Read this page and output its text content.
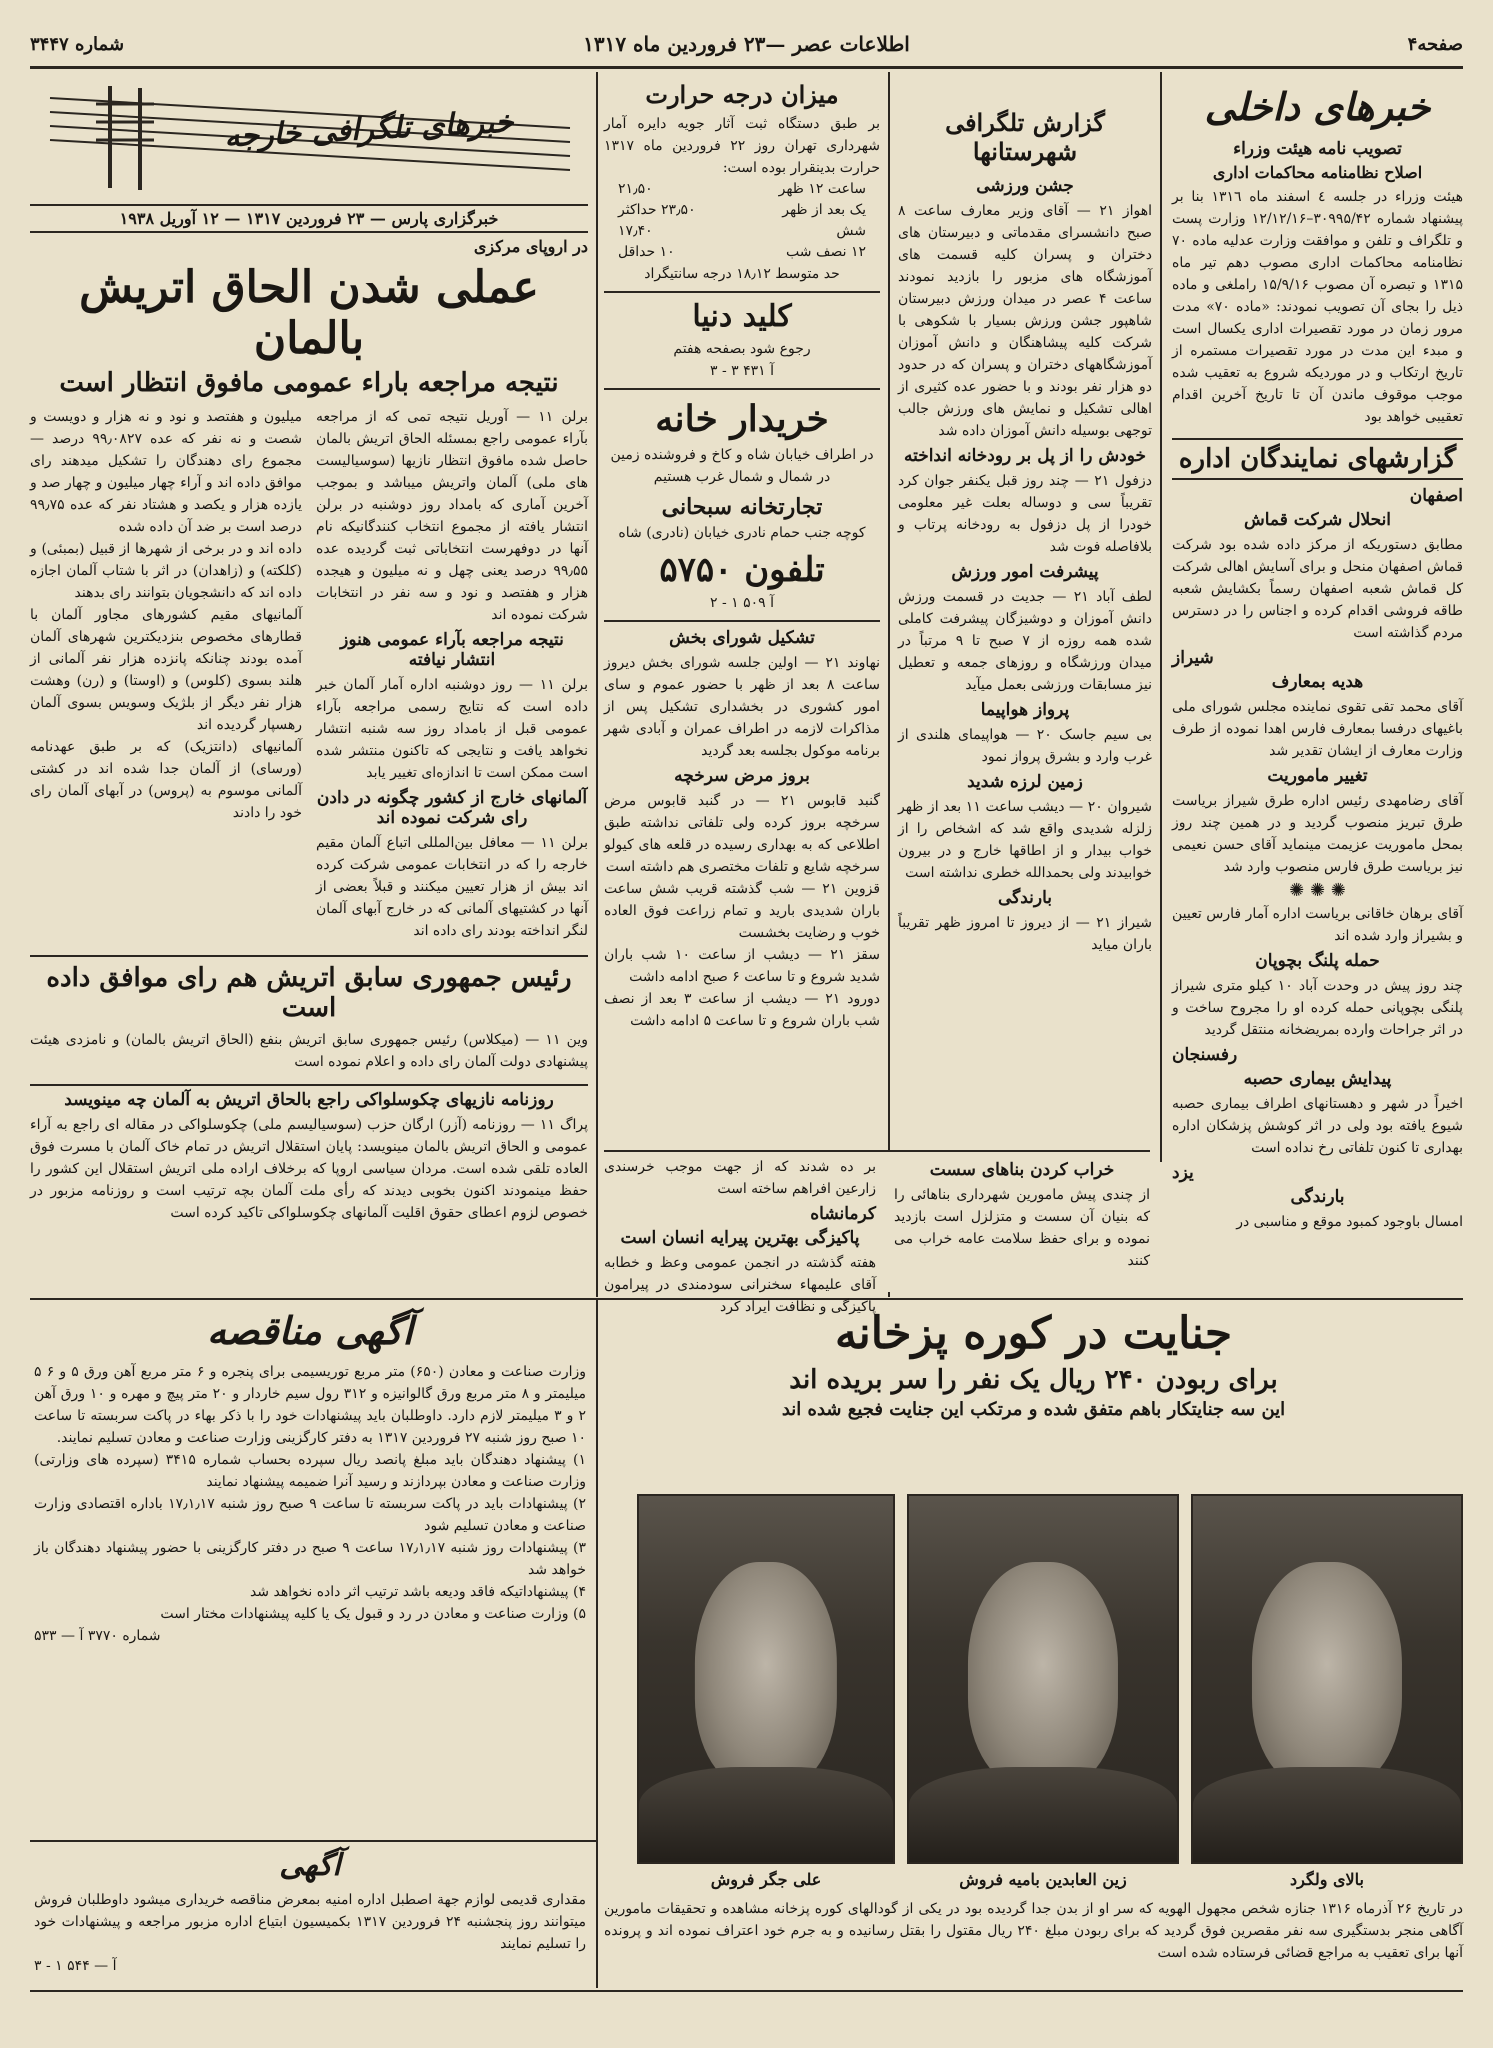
صفحه۴
اطلاعات عصر —۲۳ فروردین ماه ۱۳۱۷
شماره ۳۴۴۷
خبرهای داخلی
تصویب نامه هیئت وزراء
اصلاح نظامنامه محاکمات اداری

هیئت وزراء در جلسه ٤ اسفند ماه ١٣١٦ بنا بر پیشنهاد شماره ۳۰۹۹۵/۴۲–۱۲/۱۲/۱۶ وزارت پست و تلگراف و تلفن و موافقت وزارت عدلیه ماده ۷۰ نظامنامه محاکمات اداری مصوب دهم تیر ماه ۱۳۱۵ و تبصره آن مصوب ۱۵/۹/۱۶ راملغی و ماده ذیل را بجای آن تصویب نمودند: «ماده ۷۰» مدت مرور زمان در مورد تقصیرات اداری یکسال است و مبدء این مدت در مورد تقصیرات مستمره از تاریخ ارتکاب و در موردیکه شروع به تعقیب شده موجب موقوف ماندن آن تا تاریخ آخرین اقدام تعقیبی خواهد بود

گزارشهای نمایندگان اداره
اصفهان
انحلال شرکت قماش

مطابق دستوریکه از مرکز داده شده بود شرکت قماش اصفهان منحل و برای آسایش اهالی شرکت کل قماش شعبه اصفهان رسماً بکشایش شعبه طاقه فروشی اقدام کرده و اجناس را در دسترس مردم گذاشته است

شیراز
هدیه بمعارف

آقای محمد تقی تقوی نماینده مجلس شورای ملی باغیهای درفسا بمعارف فارس اهدا نموده از طرف وزارت معارف از ایشان تقدیر شد

تغییر ماموریت

آقای رضامهدی رئیس اداره طرق شیراز بریاست طرق تبریز منصوب گردید و در همین چند روز بمحل ماموریت عزیمت مینماید آقای حسن نعیمی نیز بریاست طرق فارس منصوب وارد شد

✺ ✺ ✺

آقای برهان خاقانی بریاست اداره آمار فارس تعیین و بشیراز وارد شده اند

حمله پلنگ بچوپان

چند روز پیش در وحدت آباد ۱۰ کیلو متری شیراز پلنگی بچوپانی حمله کرده او را مجروح ساخت و در اثر جراحات وارده بمریضخانه منتقل گردید

رفسنجان
پیدایش بیماری حصبه

اخیراً در شهر و دهستانهای اطراف بیماری حصبه شیوع یافته بود ولی در اثر کوشش پزشکان اداره بهداری تا کنون تلفاتی رخ نداده است

یزد
بارندگی

امسال باوجود کمبود موقع و مناسبی در

گزارش تلگرافی شهرستانها
جشن ورزشی

اهواز ۲۱ — آقای وزیر معارف ساعت ۸ صبح دانشسرای مقدماتی و دبیرستان های دختران و پسران کلیه قسمت های آموزشگاه های مزبور را بازدید نمودند ساعت ۴ عصر در میدان ورزش دبیرستان شاهپور جشن ورزش بسیار با شکوهی با شرکت کلیه پیشاهنگان و دانش آموزان آموزشگاههای دختران و پسران که در حدود دو هزار نفر بودند و با حضور عده کثیری از اهالی تشکیل و نمایش های ورزش جالب توجهی بوسیله دانش آموزان داده شد

خودش را از پل بر رودخانه انداخته

دزفول ۲۱ — چند روز قبل یکنفر جوان کرد تقریباً سی و دوساله بعلت غیر معلومی خودرا از پل دزفول به رودخانه پرتاب و بلافاصله فوت شد

پیشرفت امور ورزش

لطف آباد ۲۱ — جدیت در قسمت ورزش دانش آموزان و دوشیزگان پیشرفت کاملی شده همه روزه از ۷ صبح تا ۹ مرتباً در میدان ورزشگاه و روزهای جمعه و تعطیل نیز مسابقات ورزشی بعمل میآید

پرواز هواپیما

بی سیم جاسک ۲۰ — هواپیمای هلندی از غرب وارد و بشرق پرواز نمود

زمین لرزه شدید

شیروان ۲۰ — دیشب ساعت ۱۱ بعد از ظهر زلزله شدیدی واقع شد که اشخاص را از خواب بیدار و از اطاقها خارج و در بیرون خوابیدند ولی بحمدالله خطری نداشته است

بارندگی

شیراز ۲۱ — از دیروز تا امروز ظهر تقریباً باران میاید

میزان درجه حرارت

بر طبق دستگاه ثبت آثار جویه دایره آمار شهرداری تهران روز ۲۲ فروردین ماه ۱۳۱۷ حرارت بدینقرار بوده است:

ساعت ۱۲ ظهر
۲۱٫۵۰
یک بعد از ظهر
۲۳٫۵۰ حداکثر
شش
۱۷٫۴۰
۱۲ نصف شب
۱۰ حداقل
حد متوسط ۱۸٫۱۲ درجه سانتیگراد
کلید دنیا
رجوع شود بصفحه هفتم
آ ۴۳۱ ۳ - ۳
خریدار خانه

در اطراف خیابان شاه و کاخ و فروشنده زمین در شمال و شمال غرب هستیم

تجارتخانه سبحانی
کوچه جنب حمام نادری خیابان (نادری) شاه
تلفون ۵۷۵۰
آ ۵۰۹ ۱ - ۲
تشکیل شورای بخش

نهاوند ۲۱ — اولین جلسه شورای بخش دیروز ساعت ۸ بعد از ظهر با حضور عموم و سای امور کشوری در بخشداری تشکیل پس از مذاکرات لازمه در اطراف عمران و آبادی شهر برنامه موکول بجلسه بعد گردید

بروز مرض سرخچه

گنبد قابوس ۲۱ — در گنبد قابوس مرض سرخچه بروز کرده ولی تلفاتی نداشته طبق اطلاعی که به بهداری رسیده در قلعه های کیولو سرخچه شایع و تلفات مختصری هم داشته است

قزوین ۲۱ — شب گذشته قریب شش ساعت باران شدیدی بارید و تمام زراعت فوق العاده خوب و رضایت بخشست

سقز ۲۱ — دیشب از ساعت ۱۰ شب باران شدید شروع و تا ساعت ۶ صبح ادامه داشت

دورود ۲۱ — دیشب از ساعت ۳ بعد از نصف شب باران شروع و تا ساعت ۵ ادامه داشت

بر ده شدند که از جهت موجب خرسندی زارعین افراهم ساخته است

کرمانشاه
پاکیزگی بهترین پیرایه انسان است

هفته گذشته در انجمن عمومی وعظ و خطابه آقای علیمهاء سخنرانی سودمندی در پیرامون پاکیزگی و نظافت ایراد کرد

خراب کردن بناهای سست

از چندی پیش مامورین شهرداری بناهائی را که بنیان آن سست و متزلزل است بازدید نموده و برای حفظ سلامت عامه خراب می کنند

خبرهای تلگرافی خارجه
خبرگزاری پارس — ۲۳ فروردین ۱۳۱۷ — ۱۲ آوریل ۱۹۳۸
در اروپای مرکزی
عملی شدن الحاق اتریش بالمان
نتیجه مراجعه باراء عمومی مافوق انتظار است

برلن ۱۱ — آوریل نتیجه تمی که از مراجعه بآراء عمومی راجع بمسئله الحاق اتریش بالمان حاصل شده مافوق انتظار نازیها (سوسیالیست های ملی) آلمان واتریش میباشد و بموجب آخرین آماری که بامداد روز دوشنبه در برلن انتشار یافته از مجموع انتخاب کنندگانیکه نام آنها در دوفهرست انتخاباتی ثبت گردیده عده ۹۹٫۵۵ درصد یعنی چهل و نه میلیون و هیجده هزار و هفتصد و نود و سه نفر در انتخابات شرکت نموده اند

نتیجه مراجعه بآراء عمومی هنوز انتشار نیافته

برلن ۱۱ — روز دوشنبه اداره آمار آلمان خبر داده است که نتایج رسمی مراجعه بآراء عمومی قبل از بامداد روز سه شنبه انتشار نخواهد یافت و نتایجی که تاکنون منتشر شده است ممکن است تا اندازه‌ای تغییر یابد

آلمانهای خارج از کشور چگونه در دادن رای شرکت نموده اند

برلن ۱۱ — معافل بین‌المللی اتباع آلمان مقیم خارجه را که در انتخابات عمومی شرکت کرده اند بیش از هزار تعیین میکنند و قبلاً بعضی از آنها در کشتیهای آلمانی که در خارج آبهای آلمان لنگر انداخته بودند رای داده اند

میلیون و هفتصد و نود و نه هزار و دویست و شصت و نه نفر که عده ۹۹٫۰۸۲۷ درصد — مجموع رای دهندگان را تشکیل میدهند رای موافق داده اند و آراء چهار میلیون و چهار صد و یازده هزار و یکصد و هشتاد نفر که عده ۹۹٫۷۵ درصد است بر ضد آن داده شده

داده اند و در برخی از شهرها از قبیل (بمبئی) و (کلکته) و (زاهدان) در اثر با شتاب آلمان اجازه داده اند که دانشجویان بتوانند رای بدهند

آلمانیهای مقیم کشورهای مجاور آلمان با قطارهای مخصوص بنزدیکترین شهرهای آلمان آمده بودند چنانکه پانزده هزار نفر آلمانی از هلند بسوی (کلوس) و (اوستا) و (رن) وهشت هزار نفر دیگر از بلژیک وسویس بسوی آلمان رهسپار گردیده اند

آلمانیهای (دانتزیک) که بر طبق عهدنامه (ورسای) از آلمان جدا شده اند در کشتی آلمانی موسوم به (پروس) در آبهای آلمان رای خود را دادند

رئیس جمهوری سابق اتریش هم رای موافق داده است

وین ۱۱ — (میکلاس) رئیس جمهوری سابق اتریش بنفع (الحاق اتریش بالمان) و نامزدی هیئت پیشنهادی دولت آلمان رای داده و اعلام نموده است

روزنامه نازیهای چکوسلواکی راجع بالحاق اتریش به آلمان چه مینویسد

پراگ ۱۱ — روزنامه (آزر) ارگان حزب (سوسیالیسم ملی) چکوسلواکی در مقاله ای راجع به آراء عمومی و الحاق اتریش بالمان مینویسد: پایان استقلال اتریش در تمام خاک آلمان با مسرت فوق العاده تلقی شده است. مردان سیاسی اروپا که برخلاف اراده ملی اتریش استقلال این کشور را حفظ مینمودند اکنون بخوبی دیدند که رأی ملت آلمان بچه ترتیب است و روزنامه مزبور در خصوص لزوم اعطای حقوق اقلیت آلمانهای چکوسلواکی تاکید کرده است

آگهی مناقصه

وزارت صناعت و معادن (۶۵۰) متر مربع توریسیمی برای پنجره و ۶ متر مربع آهن ورق ۵ و ۶ ۵ میلیمتر و ۸ متر مربع ورق گالوانیزه و ۳۱۲ رول سیم خاردار و ۲۰ متر پیچ و مهره و ۱۰ ورق آهن ۲ و ۳ میلیمتر لازم دارد. داوطلبان باید پیشنهادات خود را با ذکر بهاء در پاکت سربسته تا ساعت ۱۰ صبح روز شنبه ۲۷ فروردین ۱۳۱۷ به دفتر کارگزینی وزارت صناعت و معادن تسلیم نمایند.

۱) پیشنهاد دهندگان باید مبلغ پانصد ریال سپرده بحساب شماره ۳۴۱۵ (سپرده های وزارتی) وزارت صناعت و معادن بپردازند و رسید آنرا ضمیمه پیشنهاد نمایند

۲) پیشنهادات باید در پاکت سربسته تا ساعت ۹ صبح روز شنبه ۱۷٫۱٫۱۷ باداره اقتصادی وزارت صناعت و معادن تسلیم شود

۳) پیشنهادات روز شنبه ۱۷٫۱٫۱۷ ساعت ۹ صبح در دفتر کارگزینی با حضور پیشنهاد دهندگان باز خواهد شد

۴) پیشنهاداتیکه فاقد ودیعه باشد ترتیب اثر داده نخواهد شد

۵) وزارت صناعت و معادن در رد و قبول یک یا کلیه پیشنهادات مختار است

شماره ۳۷۷۰ آ — ۵۳۳
آگهی

مقداری قدیمی لوازم جهة اصطبل اداره امنیه بمعرض مناقصه خریداری میشود داوطلبان فروش میتوانند روز پنجشنبه ۲۴ فروردین ۱۳۱۷ بکمیسیون ابتیاع اداره مزبور مراجعه و پیشنهادات خود را تسلیم نمایند

آ — ۵۴۴ ۱ - ۳
جنایت در کوره پزخانه
برای ربودن ۲۴۰ ریال یک نفر را سر بریده اند
این سه جنایتکار باهم متفق شده و مرتکب این جنایت فجیع شده اند
بالای ولگرد
زین العابدین بامیه فروش
علی جگر فروش

در تاریخ ۲۶ آذرماه ۱۳۱۶ جنازه شخص مجهول الهویه که سر او از بدن جدا گردیده بود در یکی از گودالهای کوره پزخانه مشاهده و تحقیقات مامورین آگاهی منجر بدستگیری سه نفر مقصرین فوق گردید که برای ربودن مبلغ ۲۴۰ ریال مقتول را بقتل رسانیده و به جرم خود اعتراف نموده اند و پرونده آنها برای تعقیب به مراجع قضائی فرستاده شده است
